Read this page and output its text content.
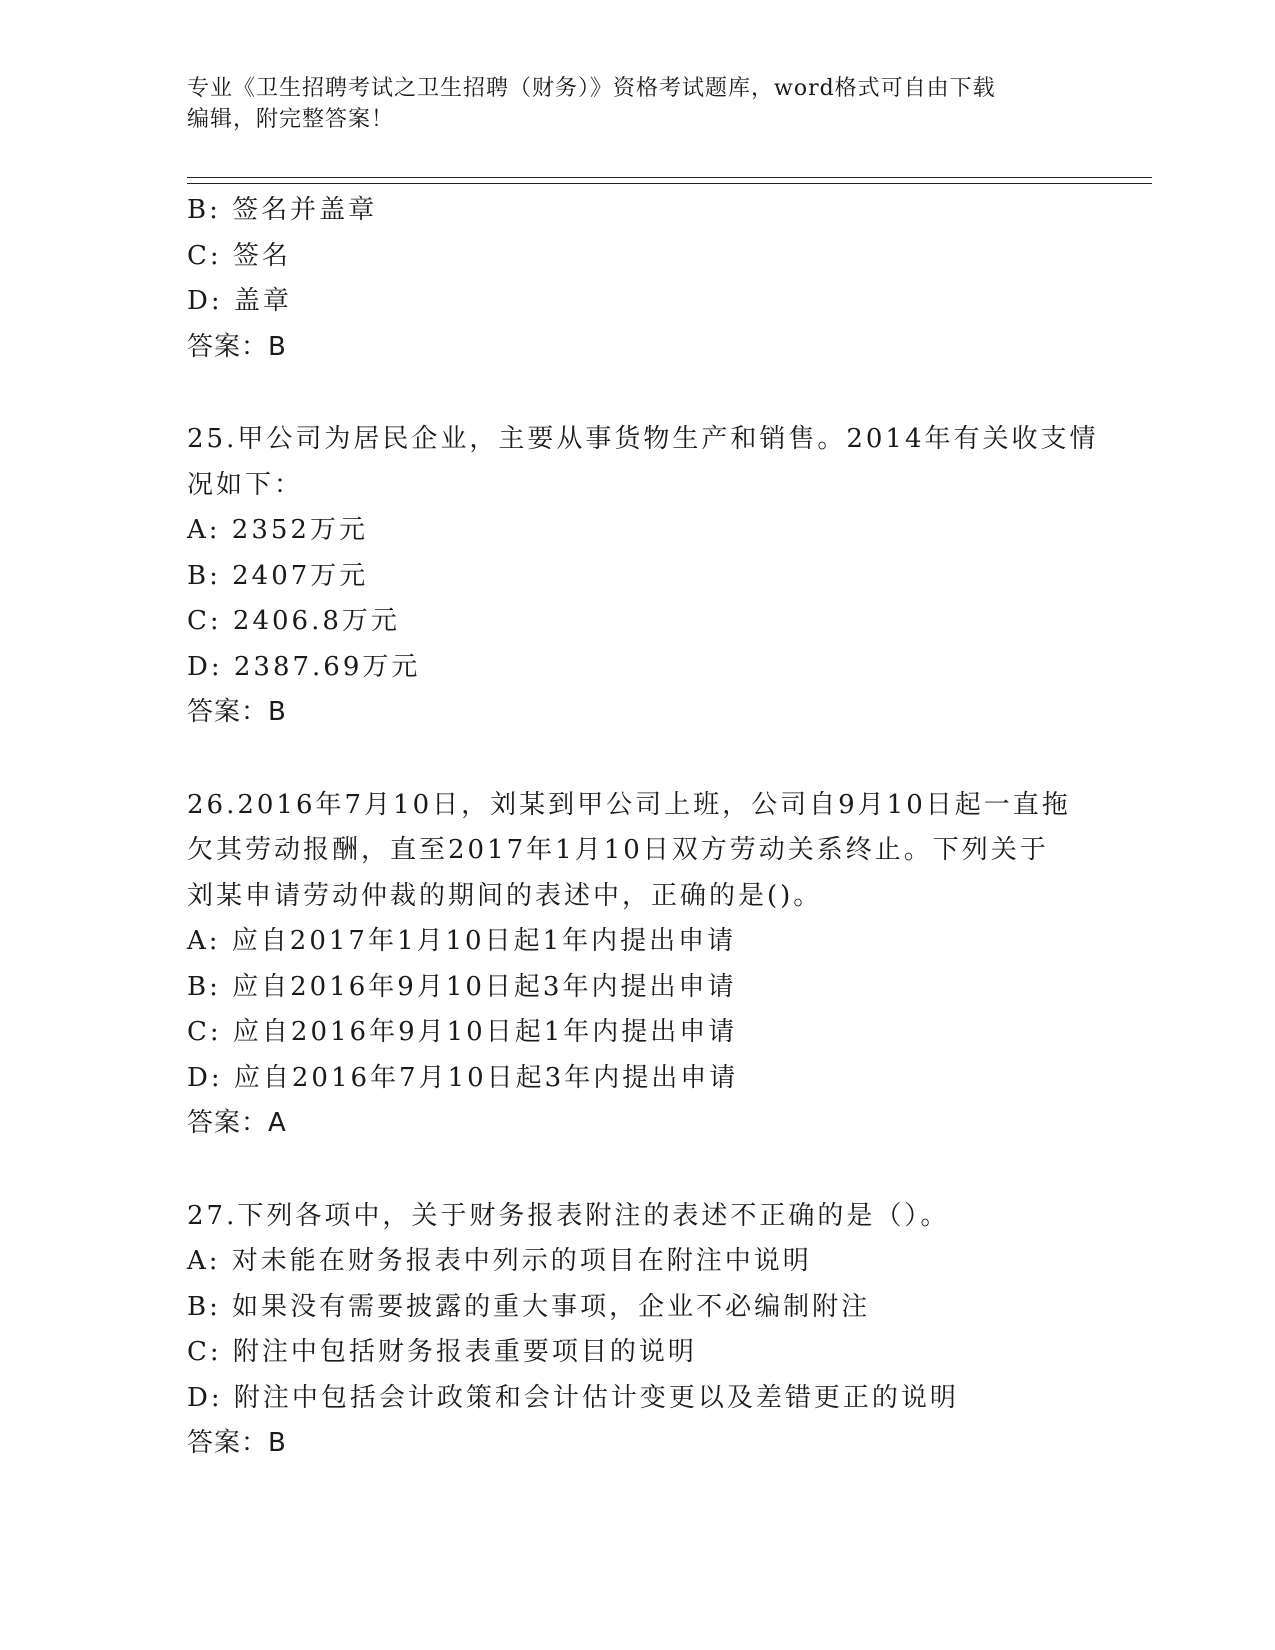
专业《卫生招聘考试之卫生招聘（财务）》资格考试题库，word格式可自由下载
编辑，附完整答案！
B: 签名并盖章
C: 签名
D: 盖章
答案：B
25.甲公司为居民企业，主要从事货物生产和销售。2014年有关收支情
况如下：
A: 2352万元
B: 2407万元
C: 2406.8万元
D: 2387.69万元
答案：B
26.2016年7月10日，刘某到甲公司上班，公司自9月10日起一直拖
欠其劳动报酬，直至2017年1月10日双方劳动关系终止。下列关于
刘某申请劳动仲裁的期间的表述中，正确的是()。
A: 应自2017年1月10日起1年内提出申请
B: 应自2016年9月10日起3年内提出申请
C: 应自2016年9月10日起1年内提出申请
D: 应自2016年7月10日起3年内提出申请
答案：A
27.下列各项中，关于财务报表附注的表述不正确的是（）。
A: 对未能在财务报表中列示的项目在附注中说明
B: 如果没有需要披露的重大事项，企业不必编制附注
C: 附注中包括财务报表重要项目的说明
D: 附注中包括会计政策和会计估计变更以及差错更正的说明
答案：B
